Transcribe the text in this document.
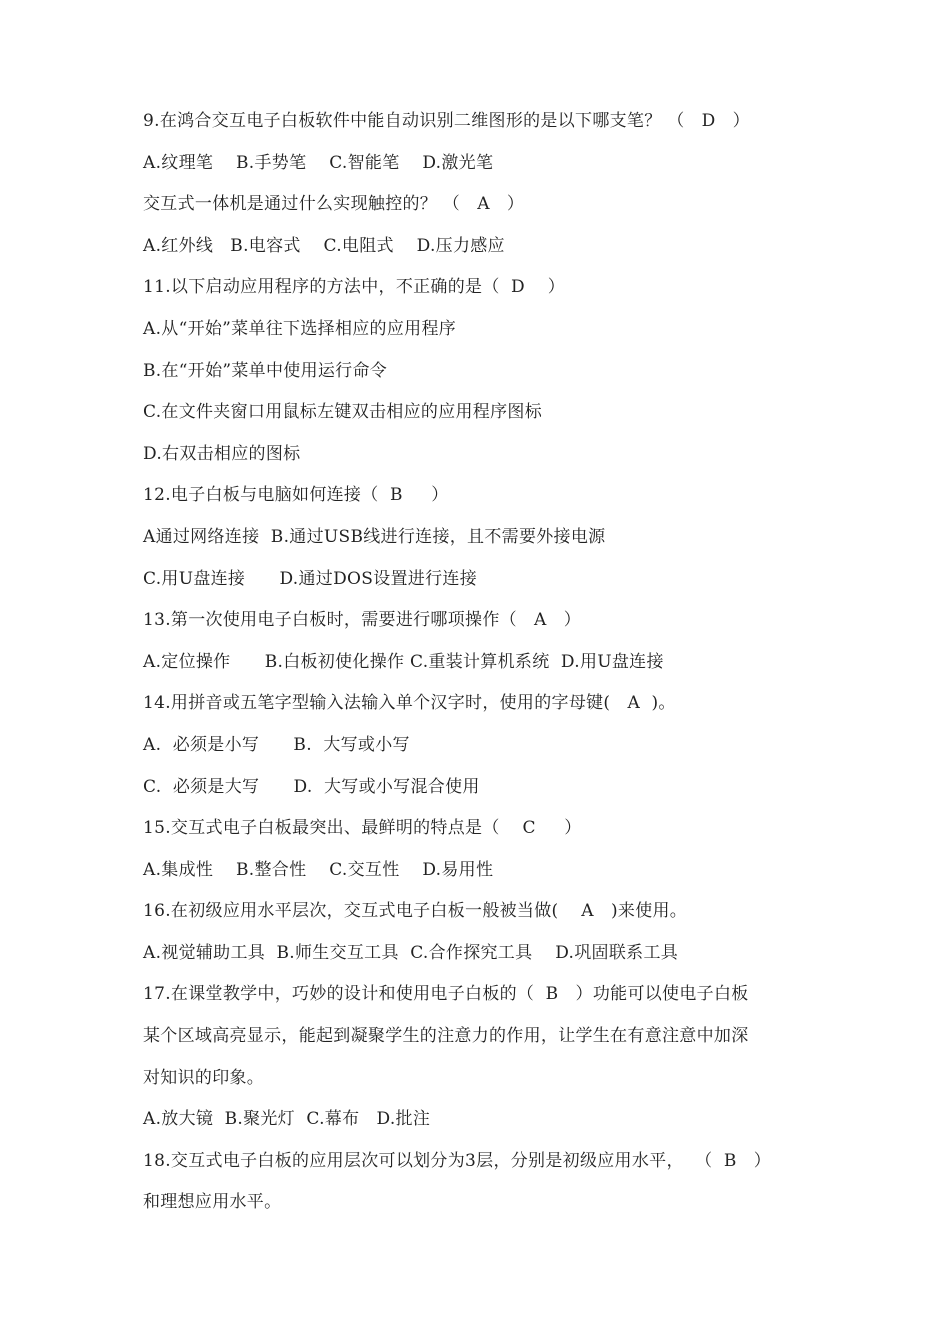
9.在鸿合交互电子白板软件中能自动识别二维图形的是以下哪支笔？ （   D   ）
A.纹理笔    B.手势笔    C.智能笔    D.激光笔
交互式一体机是通过什么实现触控的？ （   A   ）
A.红外线   B.电容式    C.电阻式    D.压力感应
11.以下启动应用程序的方法中，不正确的是（  D    ）
A.从“开始”菜单往下选择相应的应用程序
B.在“开始”菜单中使用运行命令
C.在文件夹窗口用鼠标左键双击相应的应用程序图标
D.右双击相应的图标
12.电子白板与电脑如何连接（  B     ）
A通过网络连接  B.通过USB线进行连接，且不需要外接电源
C.用U盘连接      D.通过DOS设置进行连接
13.第一次使用电子白板时，需要进行哪项操作（   A   ）
A.定位操作      B.白板初使化操作 C.重装计算机系统  D.用U盘连接
14.用拼音或五笔字型输入法输入单个汉字时，使用的字母键(   A  )。
A.  必须是小写      B.  大写或小写
C.  必须是大写      D.  大写或小写混合使用
15.交互式电子白板最突出、最鲜明的特点是（    C     ）
A.集成性    B.整合性    C.交互性    D.易用性
16.在初级应用水平层次，交互式电子白板一般被当做(    A   )来使用。
A.视觉辅助工具  B.师生交互工具  C.合作探究工具    D.巩固联系工具
17.在课堂教学中，巧妙的设计和使用电子白板的（  B   ）功能可以使电子白板
某个区域高亮显示，能起到凝聚学生的注意力的作用，让学生在有意注意中加深
对知识的印象。
A.放大镜  B.聚光灯  C.幕布   D.批注
18.交互式电子白板的应用层次可以划分为3层，分别是初级应用水平，  （  B   ）
和理想应用水平。
